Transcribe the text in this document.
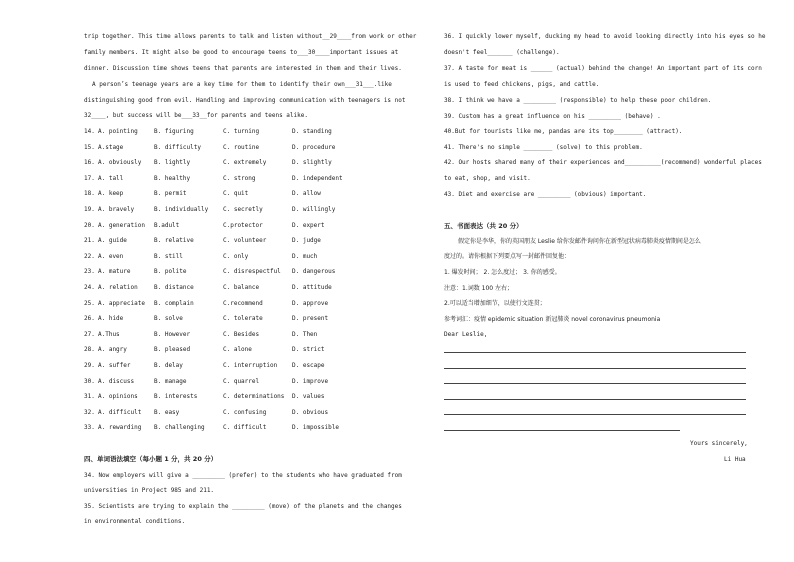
trip together. This time allows parents to talk and listen without__29____from work or other
family members. It might also be good to encourage teens to___30____important issues at
dinner. Discussion time shows teens that parents are interested in them and their lives.
A person’s teenage years are a key time for them to identify their own___31___.like
distinguishing good from evil. Handling and improving communication with teenagers is not
32____, but success will be___33__for parents and teens alike.
14. A. pointing	B. figuring	C. turning	D. standing
15. A.stage	B. difficulty	C. routine	D. procedure
16. A. obviously B. lightly	C. extremely	D. slightly
17. A. tall	B. healthy	C. strong	D. independent
18. A. keep	B. permit	C. quit	D. allow
19. A. bravely	B. individually C. secretly	D. willingly
20. A. generation B.adult	C.protector	D. expert
21. A. guide	B. relative	C. volunteer	D. judge
22. A. even	B. still	C. only	D. much
23. A. mature	B. polite	C. disrespectful D. dangerous
24. A. relation	B. distance	C. balance	D. attitude
25. A. appreciate B. complain	C.recommend	D. approve
26. A. hide	B. solve	C. tolerate	D. present
27. A.Thus	B. However	C. Besides	D. Then
28. A. angry	B. pleased	C. alone	D. strict
29. A. suffer	B. delay	C. interruption D. escape
30. A. discuss	B. manage	C. quarrel	D. improve
31. A. opinions	B. interests	C. determinations D. values
32. A. difficult B. easy	C. confusing	D. obvious
33. A. rewarding B. challenging	C. difficult	D. impossible
四、单词语法填空（每小题 1 分，共 20 分）
34. Now employers will give a _________ (prefer) to the students who have graduated from
universities in Project 985 and 211.
35. Scientists are trying to explain the _________ (move) of the planets and the changes
in environmental conditions.
36. I quickly lower myself, ducking my head to avoid looking directly into his eyes so he
doesn't feel_______ (challenge).
37. A taste for meat is ______ (actual) behind the change! An important part of its corn
is used to feed chickens, pigs, and cattle.
38. I think we have a _________ (responsible) to help these poor children.
39. Custom has a great influence on his _________ (behave) .
40.But for tourists like me, pandas are its top________ (attract).
41. There's no simple ________ (solve) to this problem.
42. Our hosts shared many of their experiences and__________(recommend) wonderful places
to eat, shop, and visit.
43. Diet and exercise are _________ (obvious) important.
五、书面表达（共 20 分）
假定你是李华，你的英国朋友 Leslie 给你发邮件询问你在新型冠状病毒肺炎疫情期间是怎么
度过的。请你根据下列要点写一封邮件回复他：
1. 爆发时间； 2. 怎么度过； 3. 你的感受。
注意：1.词数 100 左右；
2.可以适当增加细节，以使行文连贯；
参考词汇：疫情 epidemic situation 新冠肺炎 novel coronavirus pneumonia
Dear Leslie,
Yours sincerely,
Li Hua
